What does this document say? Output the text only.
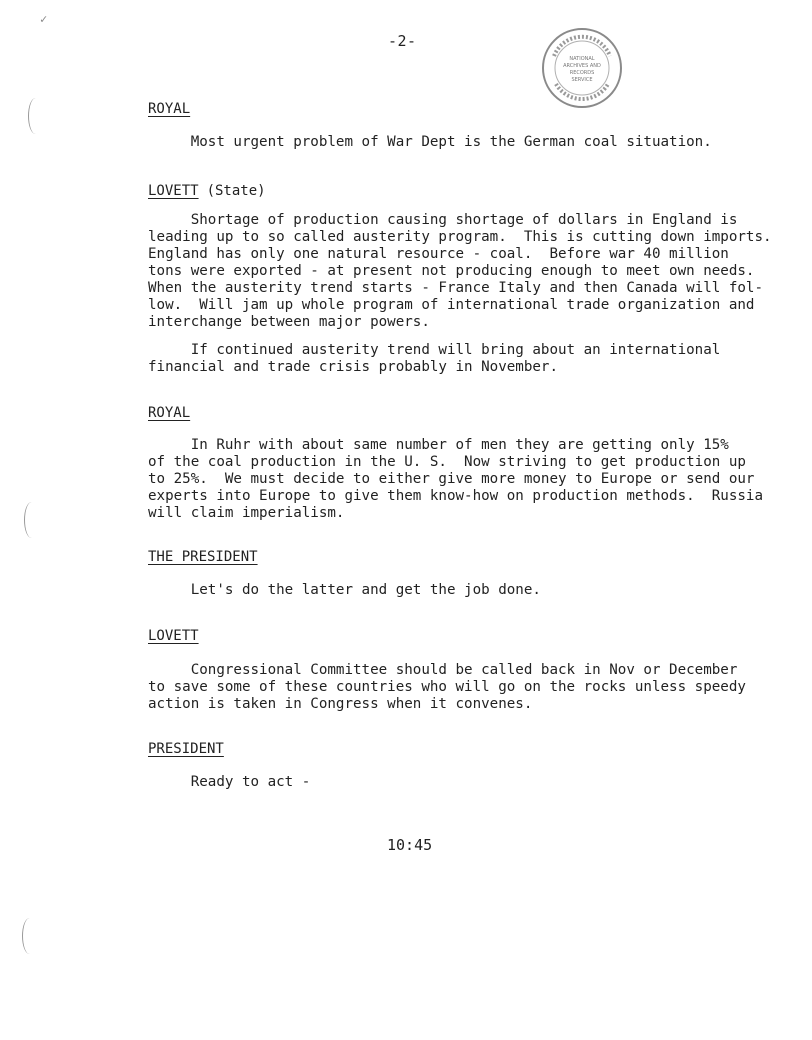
✓
-2-
NATIONAL
ARCHIVES AND
RECORDS
SERVICE
ROYAL
Most urgent problem of War Dept is the German coal situation.
LOVETT (State)
Shortage of production causing shortage of dollars in England is
leading up to so called austerity program.  This is cutting down imports.
England has only one natural resource - coal.  Before war 40 million
tons were exported - at present not producing enough to meet own needs.
When the austerity trend starts - France Italy and then Canada will fol-
low.  Will jam up whole program of international trade organization and
interchange between major powers.
If continued austerity trend will bring about an international
financial and trade crisis probably in November.
ROYAL
In Ruhr with about same number of men they are getting only 15%
of the coal production in the U. S.  Now striving to get production up
to 25%.  We must decide to either give more money to Europe or send our
experts into Europe to give them know-how on production methods.  Russia
will claim imperialism.
THE PRESIDENT
Let's do the latter and get the job done.
LOVETT
Congressional Committee should be called back in Nov or December
to save some of these countries who will go on the rocks unless speedy
action is taken in Congress when it convenes.
PRESIDENT
Ready to act -
10:45
